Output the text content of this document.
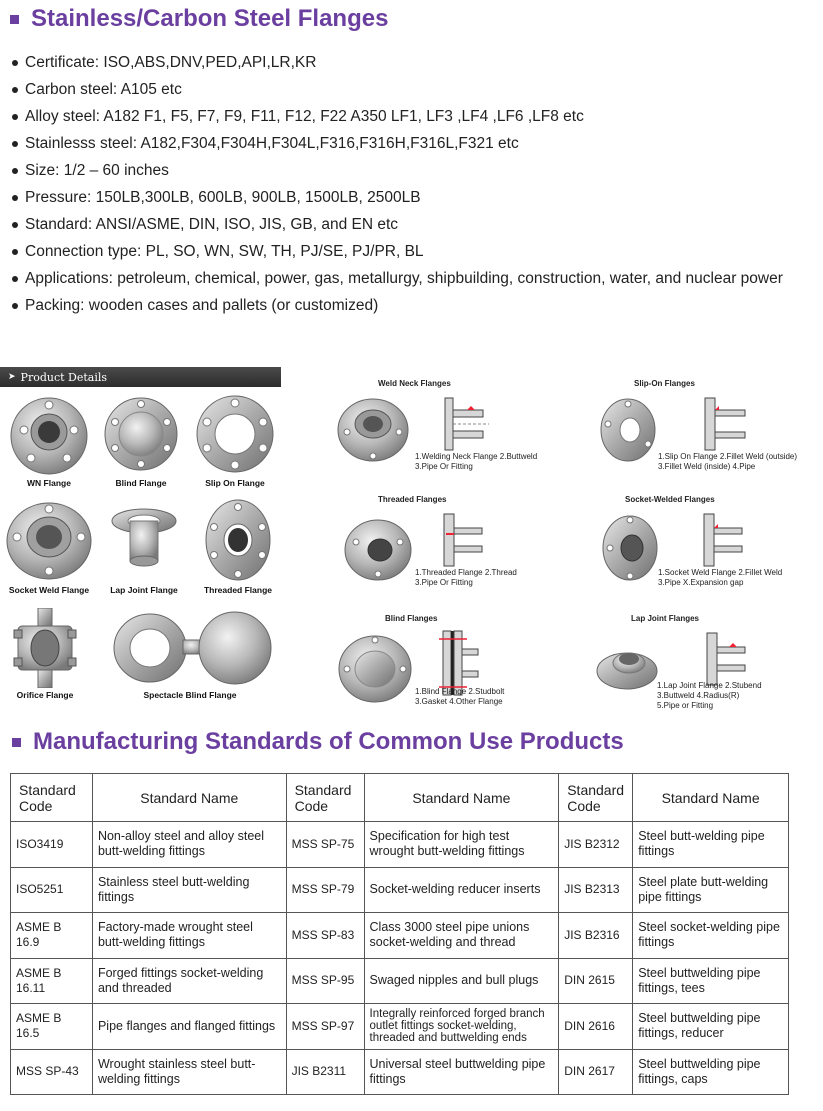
Stainless/Carbon Steel Flanges
Certificate: ISO,ABS,DNV,PED,API,LR,KR
Carbon steel: A105 etc
Alloy steel: A182 F1, F5, F7, F9, F11, F12, F22 A350 LF1, LF3 ,LF4 ,LF6 ,LF8 etc
Stainlesss steel: A182,F304,F304H,F304L,F316,F316H,F316L,F321 etc
Size: 1/2 – 60 inches
Pressure: 150LB,300LB, 600LB, 900LB, 1500LB, 2500LB
Standard: ANSI/ASME, DIN, ISO, JIS, GB, and EN etc
Connection type: PL, SO, WN, SW, TH, PJ/SE, PJ/PR, BL
Applications: petroleum, chemical, power, gas, metallurgy, shipbuilding, construction, water, and nuclear power
Packing: wooden cases and pallets (or customized)
➤ Product Details
WN Flange	Blind Flange	Slip On Flange
Socket Weld Flange	Lap Joint Flange	Threaded Flange
Orifice Flange	Spectacle Blind Flange
Weld Neck Flanges
1.Welding Neck Flange 2.Buttweld
3.Pipe Or Fitting
Slip-On Flanges
1.Slip On Flange 2.Fillet Weld (outside)
3.Fillet Weld (inside) 4.Pipe
Threaded Flanges
1.Threaded Flange 2.Thread
3.Pipe Or Fitting
Socket-Welded Flanges
1.Socket Weld Flange 2.Fillet Weld
3.Pipe X.Expansion gap
Blind Flanges
1.Blind Flange 2.Studbolt
3.Gasket 4.Other Flange
Lap Joint Flanges
1.Lap Joint Flange 2.Stubend
3.Buttweld 4.Radius(R)
5.Pipe or Fitting
Manufacturing Standards of Common Use Products
Standard Code	Standard Name	Standard Code	Standard Name	Standard Code	Standard Name
ISO3419	Non-alloy steel and alloy steel butt-welding fittings	MSS SP-75	Specification for high test wrought butt-welding fittings	JIS B2312	Steel butt-welding pipe fittings
ISO5251	Stainless steel butt-welding fittings	MSS SP-79	Socket-welding reducer inserts	JIS B2313	Steel plate butt-welding pipe fittings
ASME B 16.9	Factory-made wrought steel butt-welding fittings	MSS SP-83	Class 3000 steel pipe unions socket-welding and thread	JIS B2316	Steel socket-welding pipe fittings
ASME B 16.11	Forged fittings socket-welding and threaded	MSS SP-95	Swaged nipples and bull plugs	DIN 2615	Steel buttwelding pipe fittings, tees
ASME B 16.5	Pipe flanges and flanged fittings	MSS SP-97	Integrally reinforced forged branch outlet fittings socket-welding, threaded and buttwelding ends	DIN 2616	Steel buttwelding pipe fittings, reducer
MSS SP-43	Wrought stainless steel butt-welding fittings	JIS B2311	Universal steel buttwelding pipe fittings	DIN 2617	Steel buttwelding pipe fittings, caps
